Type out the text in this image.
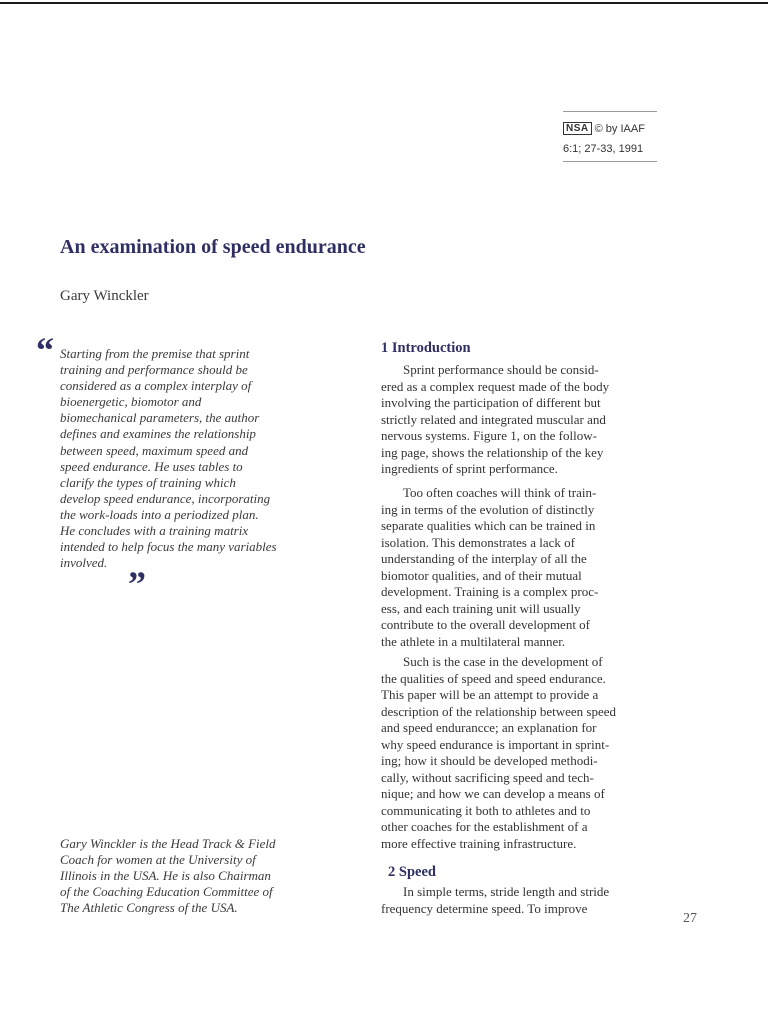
NSA © by IAAF
6:1; 27-33, 1991
An examination of speed endurance
Gary Winckler
“ Starting from the premise that sprint
training and performance should be
considered as a complex interplay of
bioenergetic, biomotor and
biomechanical parameters, the author
defines and examines the relationship
between speed, maximum speed and
speed endurance. He uses tables to
clarify the types of training which
develop speed endurance, incorporating
the work-loads into a periodized plan.
He concludes with a training matrix
intended to help focus the many variables
involved.
”
Gary Winckler is the Head Track & Field
Coach for women at the University of
Illinois in the USA. He is also Chairman
of the Coaching Education Committee of
The Athletic Congress of the USA.
1 Introduction
Sprint performance should be consid-
ered as a complex request made of the body
involving the participation of different but
strictly related and integrated muscular and
nervous systems. Figure 1, on the follow-
ing page, shows the relationship of the key
ingredients of sprint performance.
Too often coaches will think of train-
ing in terms of the evolution of distinctly
separate qualities which can be trained in
isolation. This demonstrates a lack of
understanding of the interplay of all the
biomotor qualities, and of their mutual
development. Training is a complex proc-
ess, and each training unit will usually
contribute to the overall development of
the athlete in a multilateral manner.
Such is the case in the development of
the qualities of speed and speed endurance.
This paper will be an attempt to provide a
description of the relationship between speed
and speed enduranсce; an explanation for
why speed endurance is important in sprint-
ing; how it should be developed methodi-
cally, without sacrificing speed and tech-
nique; and how we can develop a means of
communicating it both to athletes and to
other coaches for the establishment of a
more effective training infrastructure.
2 Speed
In simple terms, stride length and stride
frequency determine speed. To improve
27
